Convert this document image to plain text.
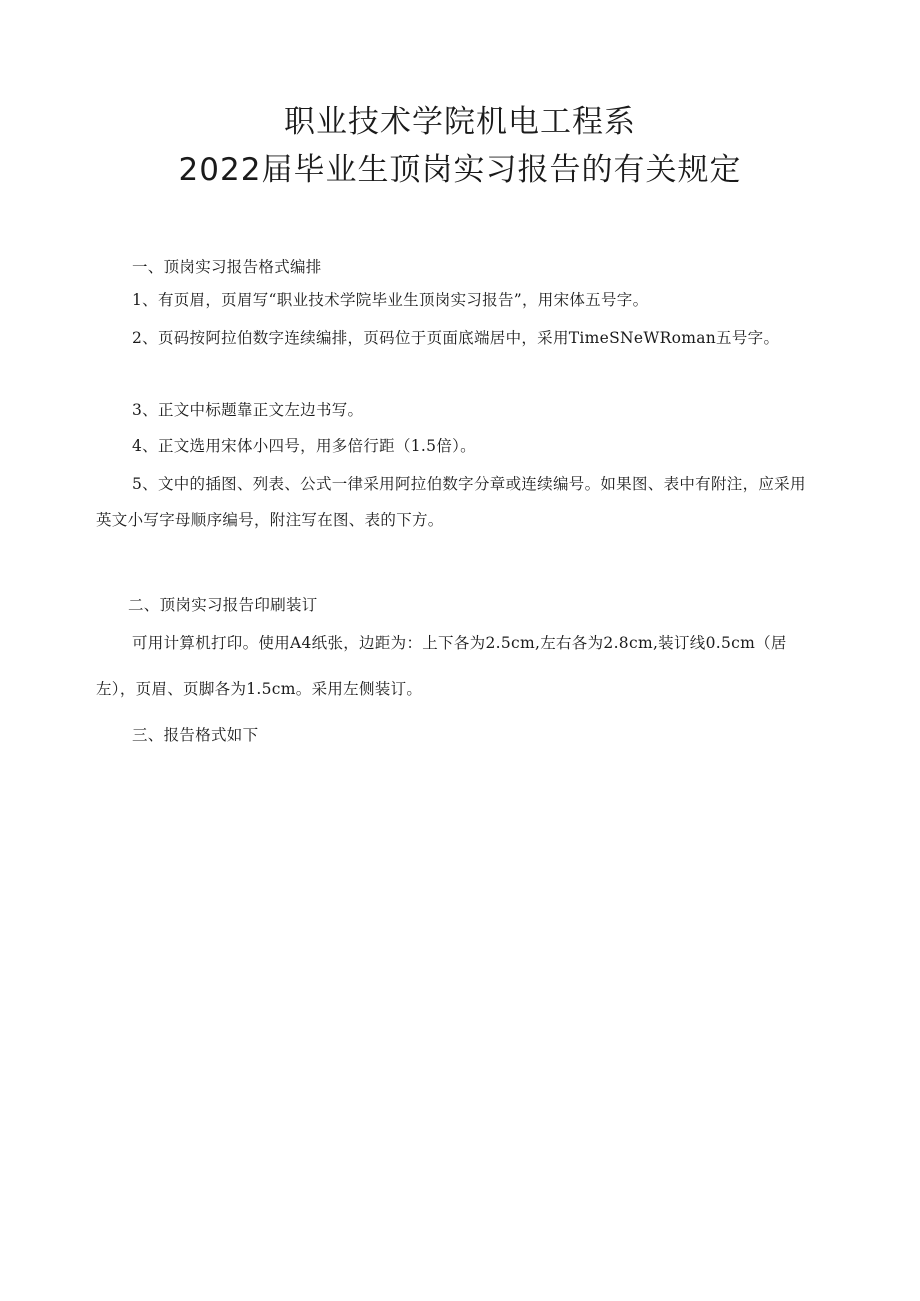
职业技术学院机电工程系
2022届毕业生顶岗实习报告的有关规定

一、顶岗实习报告格式编排

1、有页眉，页眉写“职业技术学院毕业生顶岗实习报告”，用宋体五号字。

2、页码按阿拉伯数字连续编排，页码位于页面底端居中，采用TimeSNeWRoman五号字。

3、正文中标题靠正文左边书写。

4、正文选用宋体小四号，用多倍行距（1.5倍）。

5、文中的插图、列表、公式一律采用阿拉伯数字分章或连续编号。如果图、表中有附注，应采用英文小写字母顺序编号，附注写在图、表的下方。

二、顶岗实习报告印刷装订

可用计算机打印。使用A4纸张，边距为：上下各为2.5cm,左右各为2.8cm,装订线0.5cm（居左），页眉、页脚各为1.5cm。采用左侧装订。

三、报告格式如下
